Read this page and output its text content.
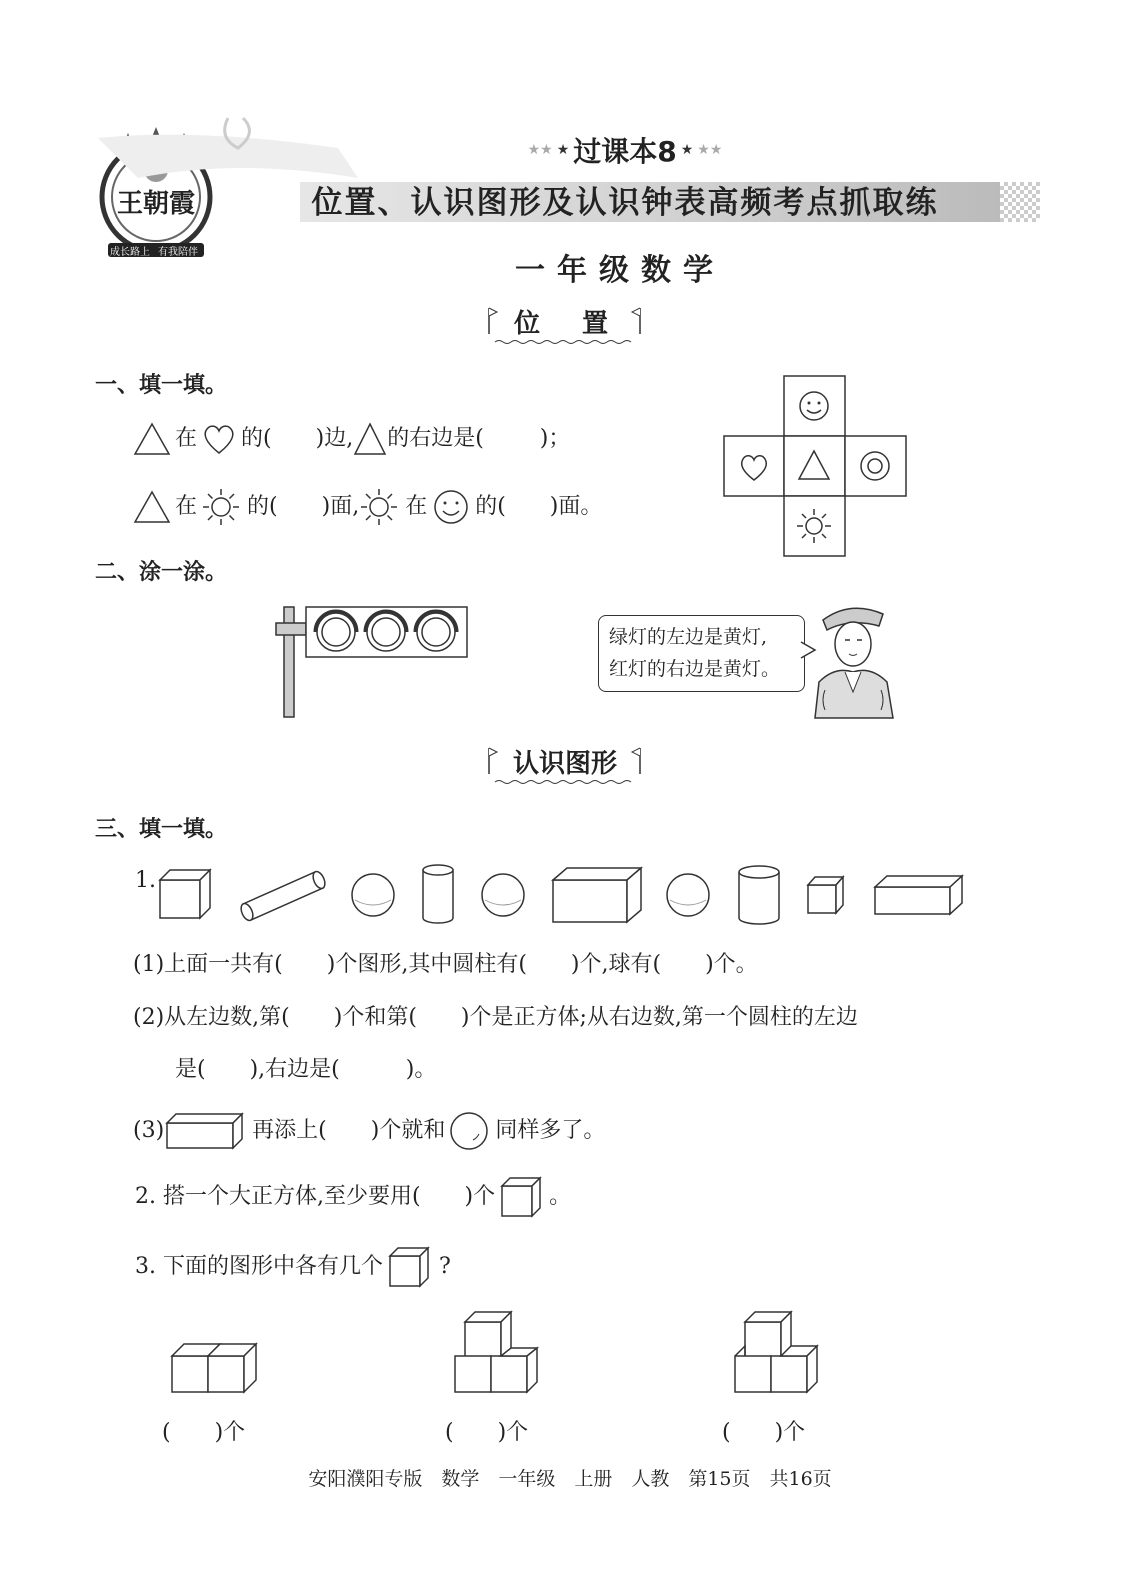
王朝霞
成长路上 有我陪伴
★★ ★ 过课本8 ★ ★★
位置、认识图形及认识钟表高频考点抓取练
一年级数学
位  置
一、填一填。
在 的( )边, 的右边是(	)；
在 的( )面, 在 的( )面。
二、涂一涂。
绿灯的左边是黄灯,
红灯的右边是黄灯。
认识图形
三、填一填。
1.
(1)上面一共有(　　)个图形,其中圆柱有(　　)个,球有(　　)个。
(2)从左边数,第(　　)个和第(　　)个是正方体;从右边数,第一个圆柱的左边
是(　　),右边是(　　　)。
(3)	再添上(　　)个就和 同样多了。
2. 搭一个大正方体,至少要用(　　)个 。
3. 下面的图形中各有几个	?
(　　)个	(　　)个	(　　)个
安阳濮阳专版　数学　一年级　上册　人教　第15页　共16页
